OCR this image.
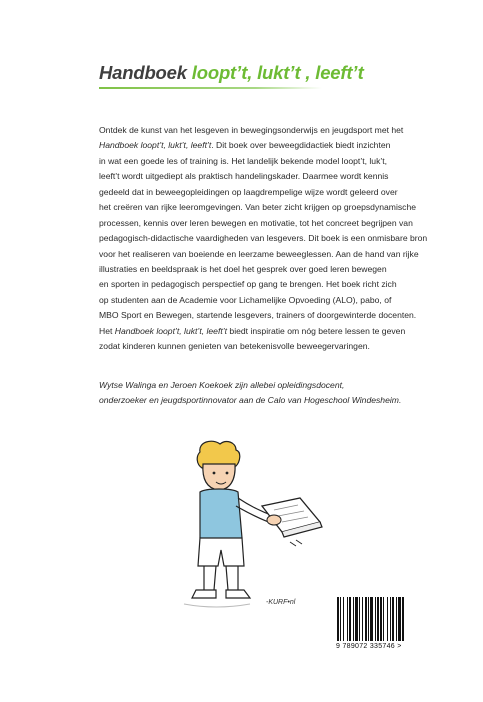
Handboek loopt’t, lukt’t , leeft’t
Ontdek de kunst van het lesgeven in bewegingsonderwijs en jeugdsport met het
Handboek loopt’t, lukt’t, leeft’t. Dit boek over beweegdidactiek biedt inzichten
in wat een goede les of training is. Het landelijk bekende model loopt’t, luk’t,
leeft’t wordt uitgediept als praktisch handelingskader. Daarmee wordt kennis
gedeeld dat in beweegopleidingen op laagdrempelige wijze wordt geleerd over
het creëren van rijke leeromgevingen. Van beter zicht krijgen op groepsdynamische
processen, kennis over leren bewegen en motivatie, tot het concreet begrijpen van
pedagogisch-didactische vaardigheden van lesgevers. Dit boek is een onmisbare bron
voor het realiseren van boeiende en leerzame beweeglessen. Aan de hand van rijke
illustraties en beeldspraak is het doel het gesprek over goed leren bewegen
en sporten in pedagogisch perspectief op gang te brengen. Het boek richt zich
op studenten aan de Academie voor Lichamelijke Opvoeding (ALO), pabo, of
MBO Sport en Bewegen, startende lesgevers, trainers of doorgewinterde docenten.
Het Handboek loopt’t, lukt’t, leeft’t biedt inspiratie om nóg betere lessen te geven
zodat kinderen kunnen genieten van betekenisvolle beweegervaringen.
Wytse Walinga en Jeroen Koekoek zijn allebei opleidingsdocent,
onderzoeker en jeugdsportinnovator aan de Calo van Hogeschool Windesheim.
-KURF•nl
9 789072 335746 >
